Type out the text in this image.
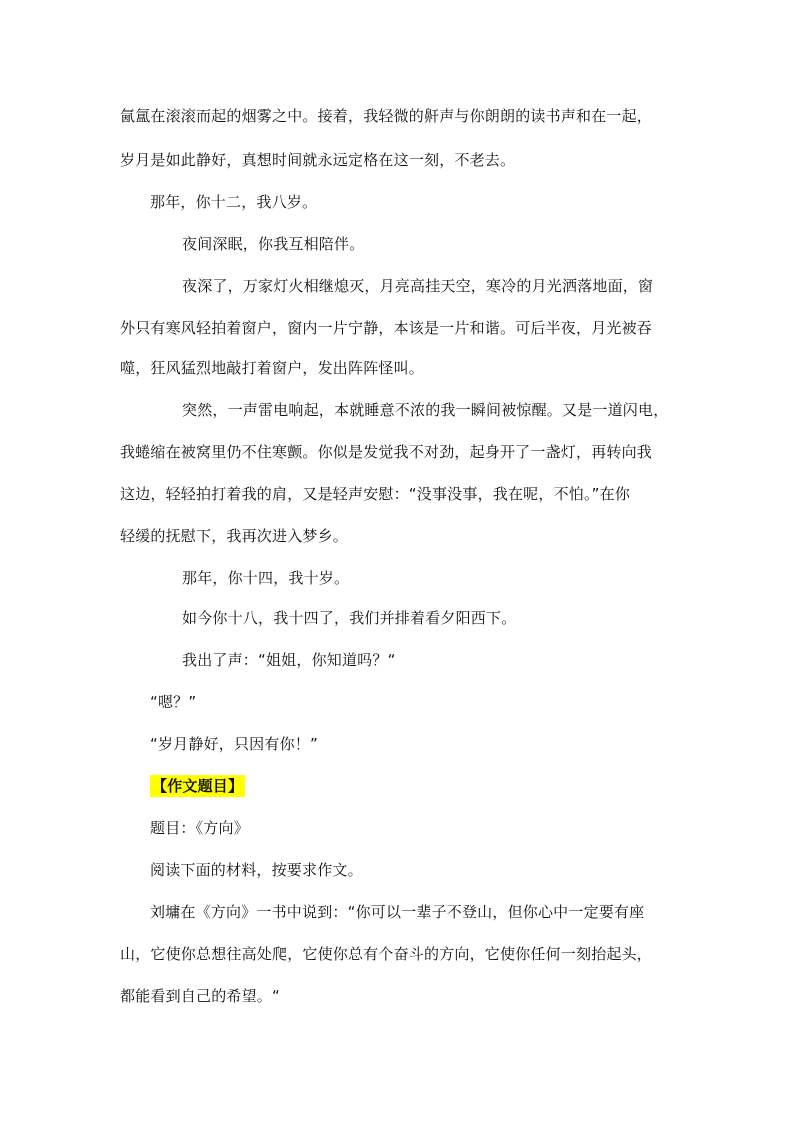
氤氲在滚滚而起的烟雾之中。接着，我轻微的鼾声与你朗朗的读书声和在一起，
岁月是如此静好，真想时间就永远定格在这一刻，不老去。
那年，你十二，我八岁。
夜间深眠，你我互相陪伴。
夜深了，万家灯火相继熄灭，月亮高挂天空，寒冷的月光洒落地面，窗
外只有寒风轻拍着窗户，窗内一片宁静，本该是一片和谐。可后半夜，月光被吞
噬，狂风猛烈地敲打着窗户，发出阵阵怪叫。
突然，一声雷电响起，本就睡意不浓的我一瞬间被惊醒。又是一道闪电，
我蜷缩在被窝里仍不住寒颤。你似是发觉我不对劲，起身开了一盏灯，再转向我
这边，轻轻拍打着我的肩，又是轻声安慰：“没事没事，我在呢，不怕。”在你
轻缓的抚慰下，我再次进入梦乡。
那年，你十四，我十岁。
如今你十八，我十四了，我们并排着看夕阳西下。
我出了声：“姐姐，你知道吗？“
“嗯？”
“岁月静好，只因有你！”
【作文题目】
题目：《方向》
阅读下面的材料，按要求作文。
刘墉在《方向》一书中说到：“你可以一辈子不登山，但你心中一定要有座
山，它使你总想往高处爬，它使你总有个奋斗的方向，它使你任何一刻抬起头，
都能看到自己的希望。“
